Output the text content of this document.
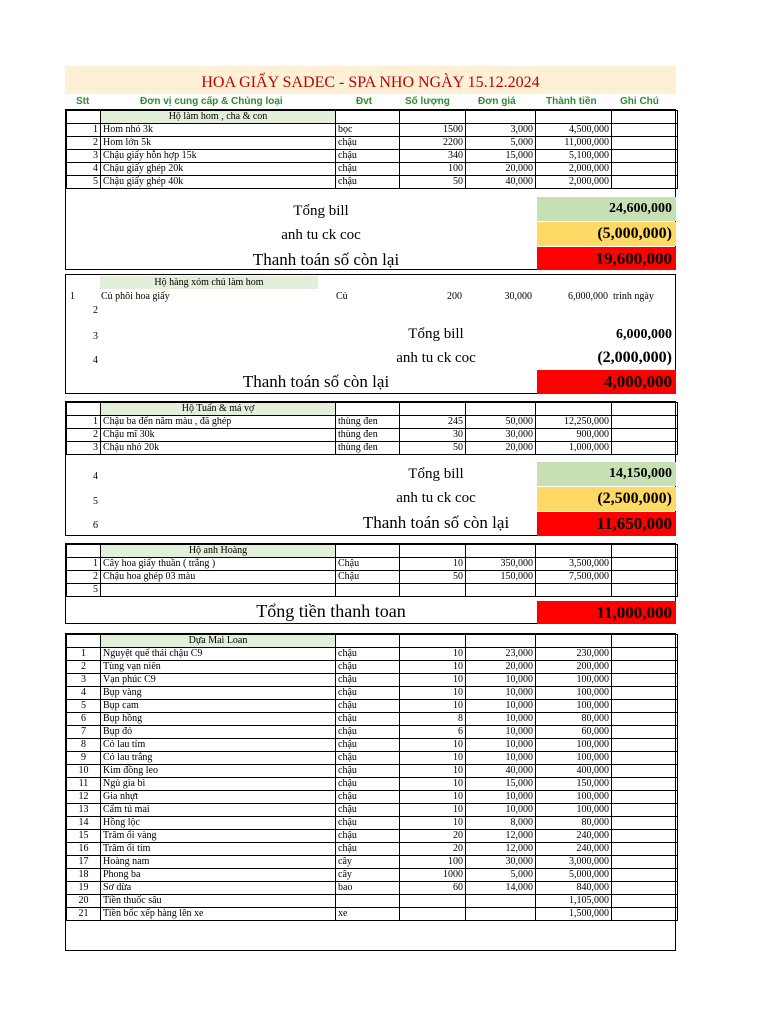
HOA GIẤY SADEC - SPA NHO NGÀY 15.12.2024
Stt	Đơn vị cung cấp & Chủng loại	Đvt	Số lượng	Đơn giá	Thành tiền Ghi Chú
	Hộ làm hom , cha & con					
1	Hom nhỏ 3k	bọc	1500	3,000	4,500,000	
2	Hom lớn 5k	chậu	2200	5,000	11,000,000	
3	Chậu giấy hỗn hợp 15k	chậu	340	15,000	5,100,000	
4	Chậu giấy ghép 20k	chậu	100	20,000	2,000,000	
5	Chậu giấy ghép 40k	chậu	50	40,000	2,000,000	
Tổng bill	24,600,000
anh tu ck coc	(5,000,000)
Thanh toán số còn lại	19,600,000
Hộ hàng xóm chú làm hom
1	Củ phôi hoa giấy	Củ	200	30,000	6,000,000 trình ngày
2
3
4
Tổng bill	6,000,000
anh tu ck coc	(2,000,000)
Thanh toán số còn lại	4,000,000
	Hộ Tuấn & má vợ					
1	Chậu ba đến năm màu , đã ghép	thùng đen	245	50,000	12,250,000	
2	Chậu mĩ 30k	thùng đen	30	30,000	900,000	
3	Chậu nhỏ 20k	thùng đen	50	20,000	1,000,000	
4
5
6
Tổng bill	14,150,000
anh tu ck coc	(2,500,000)
Thanh toán số còn lại	11,650,000
	Hộ anh Hoàng					
1	Cây hoa giấy thuần ( trắng )	Chậu	10	350,000	3,500,000	
2	Chậu hoa ghép 03 màu	Chậu	50	150,000	7,500,000	
5						
Tổng tiền thanh toan	11,000,000
	Dựa Mai Loan					
1	Nguyệt quế thái chậu C9	chậu	10	23,000	230,000	
2	Tùng vạn niên	chậu	10	20,000	200,000	
3	Vạn phúc C9	chậu	10	10,000	100,000	
4	Bụp vàng	chậu	10	10,000	100,000	
5	Bụp cam	chậu	10	10,000	100,000	
6	Bụp hồng	chậu	8	10,000	80,000	
7	Bụp đỏ	chậu	6	10,000	60,000	
8	Cỏ lau tím	chậu	10	10,000	100,000	
9	Cỏ lau trắng	chậu	10	10,000	100,000	
10	Kim đồng leo	chậu	10	40,000	400,000	
11	Ngủ gia bì	chậu	10	15,000	150,000	
12	Gia nhựt	chậu	10	10,000	100,000	
13	Cẩm tú mai	chậu	10	10,000	100,000	
14	Hồng lộc	chậu	10	8,000	80,000	
15	Trâm ổi vàng	chậu	20	12,000	240,000	
16	Trâm ổi tím	chậu	20	12,000	240,000	
17	Hoàng nam	cây	100	30,000	3,000,000	
18	Phong ba	cây	1000	5,000	5,000,000	
19	Sơ dừa	bao	60	14,000	840,000	
20	Tiền thuốc sâu				1,105,000	
21	Tiền bốc xếp hàng lên xe	xe			1,500,000	
